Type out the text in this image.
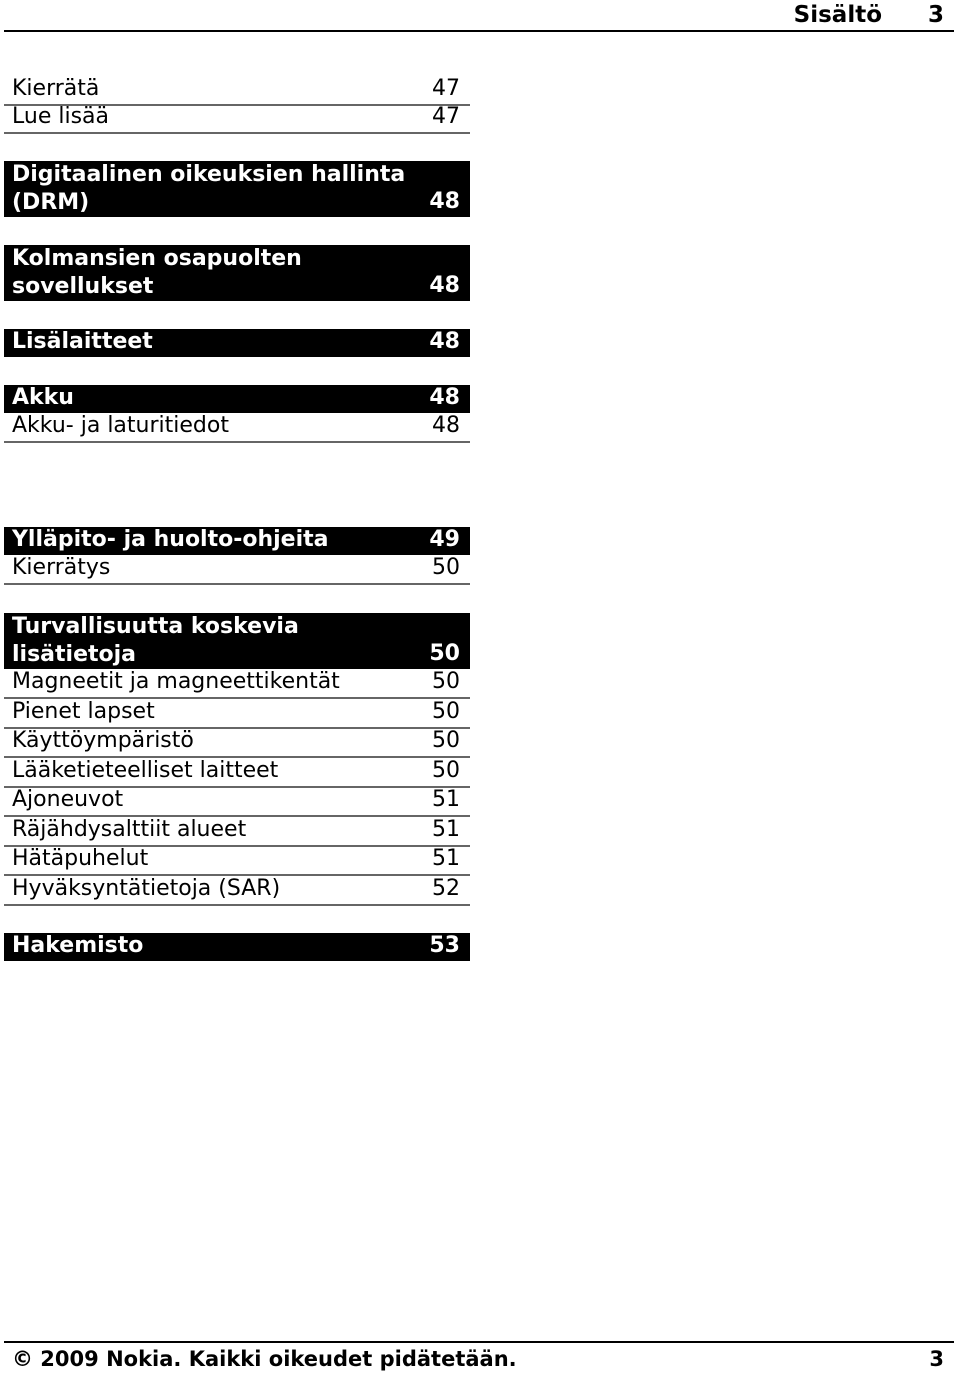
Sisältö 3
Kierrätä	47
Lue lisää	47
Digitaalinen oikeuksien hallinta
(DRM)	48
Kolmansien osapuolten
sovellukset	48
Lisälaitteet	48
Akku	48
Akku- ja laturitiedot	48
Ylläpito- ja huolto-ohjeita	49
Kierrätys	50
Turvallisuutta koskevia
lisätietoja	50
Magneetit ja magneettikentät	50
Pienet lapset	50
Käyttöympäristö	50
Lääketieteelliset laitteet	50
Ajoneuvot	51
Räjähdysalttiit alueet	51
Hätäpuhelut	51
Hyväksyntätietoja (SAR)	52
Hakemisto	53
© 2009 Nokia. Kaikki oikeudet pidätetään.	3
